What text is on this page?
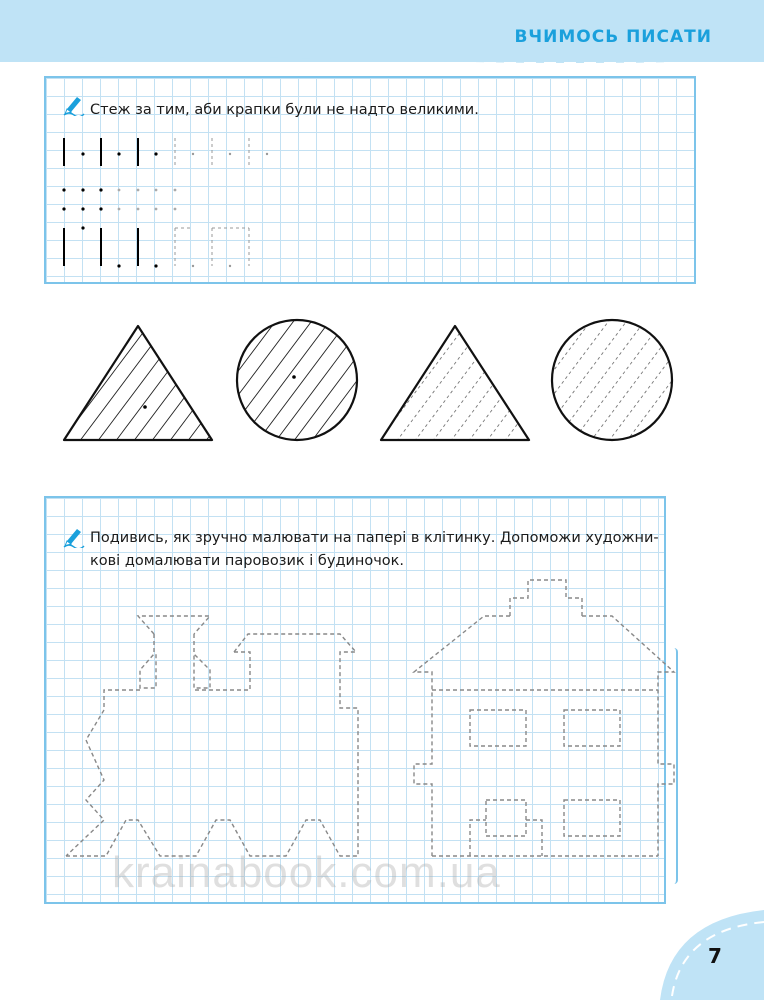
ВЧИМОСЬ ПИСАТИ
Стеж за тим, аби крапки були не надто великими.
Подивись, як зручно малювати на папері в клітинку. Допоможи художни-
кові домалювати паровозик і будиночок.
krainabook.com.ua
7
